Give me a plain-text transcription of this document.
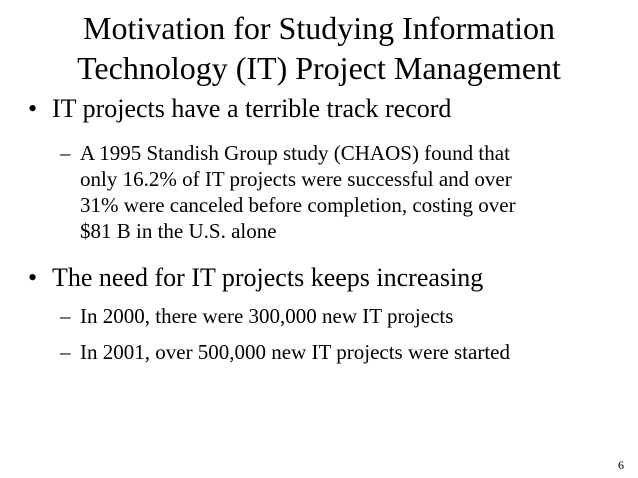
Motivation for Studying Information
Technology (IT) Project Management
• IT projects have a terrible track record
– A 1995 Standish Group study (CHAOS) found that
only 16.2% of IT projects were successful and over
31% were canceled before completion, costing over
$81 B in the U.S. alone
• The need for IT projects keeps increasing
– In 2000, there were 300,000 new IT projects
– In 2001, over 500,000 new IT projects were started
6
